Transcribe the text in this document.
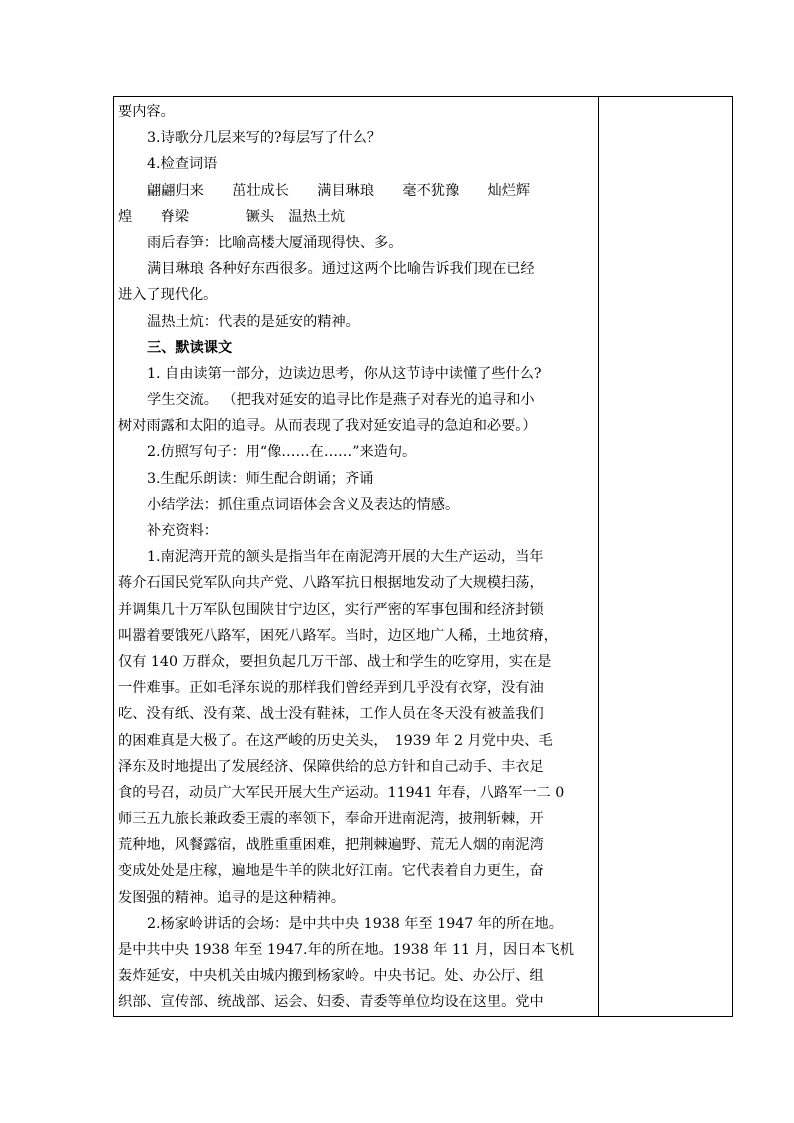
要内容。
3.诗歌分几层来写的?每层写了什么？
4.检查词语
翩翩归来　　茁壮成长　　满目琳琅　　毫不犹豫　　灿烂辉
煌　　脊梁　　　　镢头　温热土炕
雨后春笋：比喻高楼大厦涌现得快、多。
满目琳琅 各种好东西很多。通过这两个比喻告诉我们现在已经
进入了现代化。
温热土炕：代表的是延安的精神。
三、默读课文
1. 自由读第一部分，边读边思考，你从这节诗中读懂了些什么?
学生交流。 （把我对延安的追寻比作是燕子对春光的追寻和小
树对雨露和太阳的追寻。从而表现了我对延安追寻的急迫和必要。）
2.仿照写句子：用“像……在……”来造句。
3.生配乐朗读：师生配合朗诵；齐诵
小结学法：抓住重点词语体会含义及表达的情感。
补充资料：
1.南泥湾开荒的颔头是指当年在南泥湾开展的大生产运动，当年
蒋介石国民党军队向共产党、八路军抗日根据地发动了大规模扫荡，
并调集几十万军队包围陕甘宁边区，实行严密的军事包围和经济封锁
叫嚣着要饿死八路军，困死八路军。当时，边区地广人稀，土地贫瘠，
仅有 140 万群众，要担负起几万干部、战士和学生的吃穿用，实在是
一件难事。正如毛泽东说的那样我们曾经弄到几乎没有衣穿，没有油
吃、没有纸、没有菜、战士没有鞋袜，工作人员在冬天没有被盖我们
的困难真是大极了。在这严峻的历史关头，　1939 年 2 月党中央、毛
泽东及时地提出了发展经济、保障供给的总方针和自己动手、丰衣足
食的号召，动员广大军民开展大生产运动。11941 年春，八路军一二 0
师三五九旅长兼政委王震的率领下，奉命开进南泥湾，披荆斩棘，开
荒种地，风餐露宿，战胜重重困难，把荆棘遍野、荒无人烟的南泥湾
变成处处是庄稼，遍地是牛羊的陕北好江南。它代表着自力更生，奋
发图强的精神。追寻的是这种精神。
2.杨家岭讲话的会场：是中共中央 1938 年至 1947 年的所在地。
是中共中央 1938 年至 1947.年的所在地。1938 年 11 月，因日本飞机
轰炸延安，中央机关由城内搬到杨家岭。中央书记。处、办公厅、组
织部、宣传部、统战部、运会、妇委、青委等单位均设在这里。党中
